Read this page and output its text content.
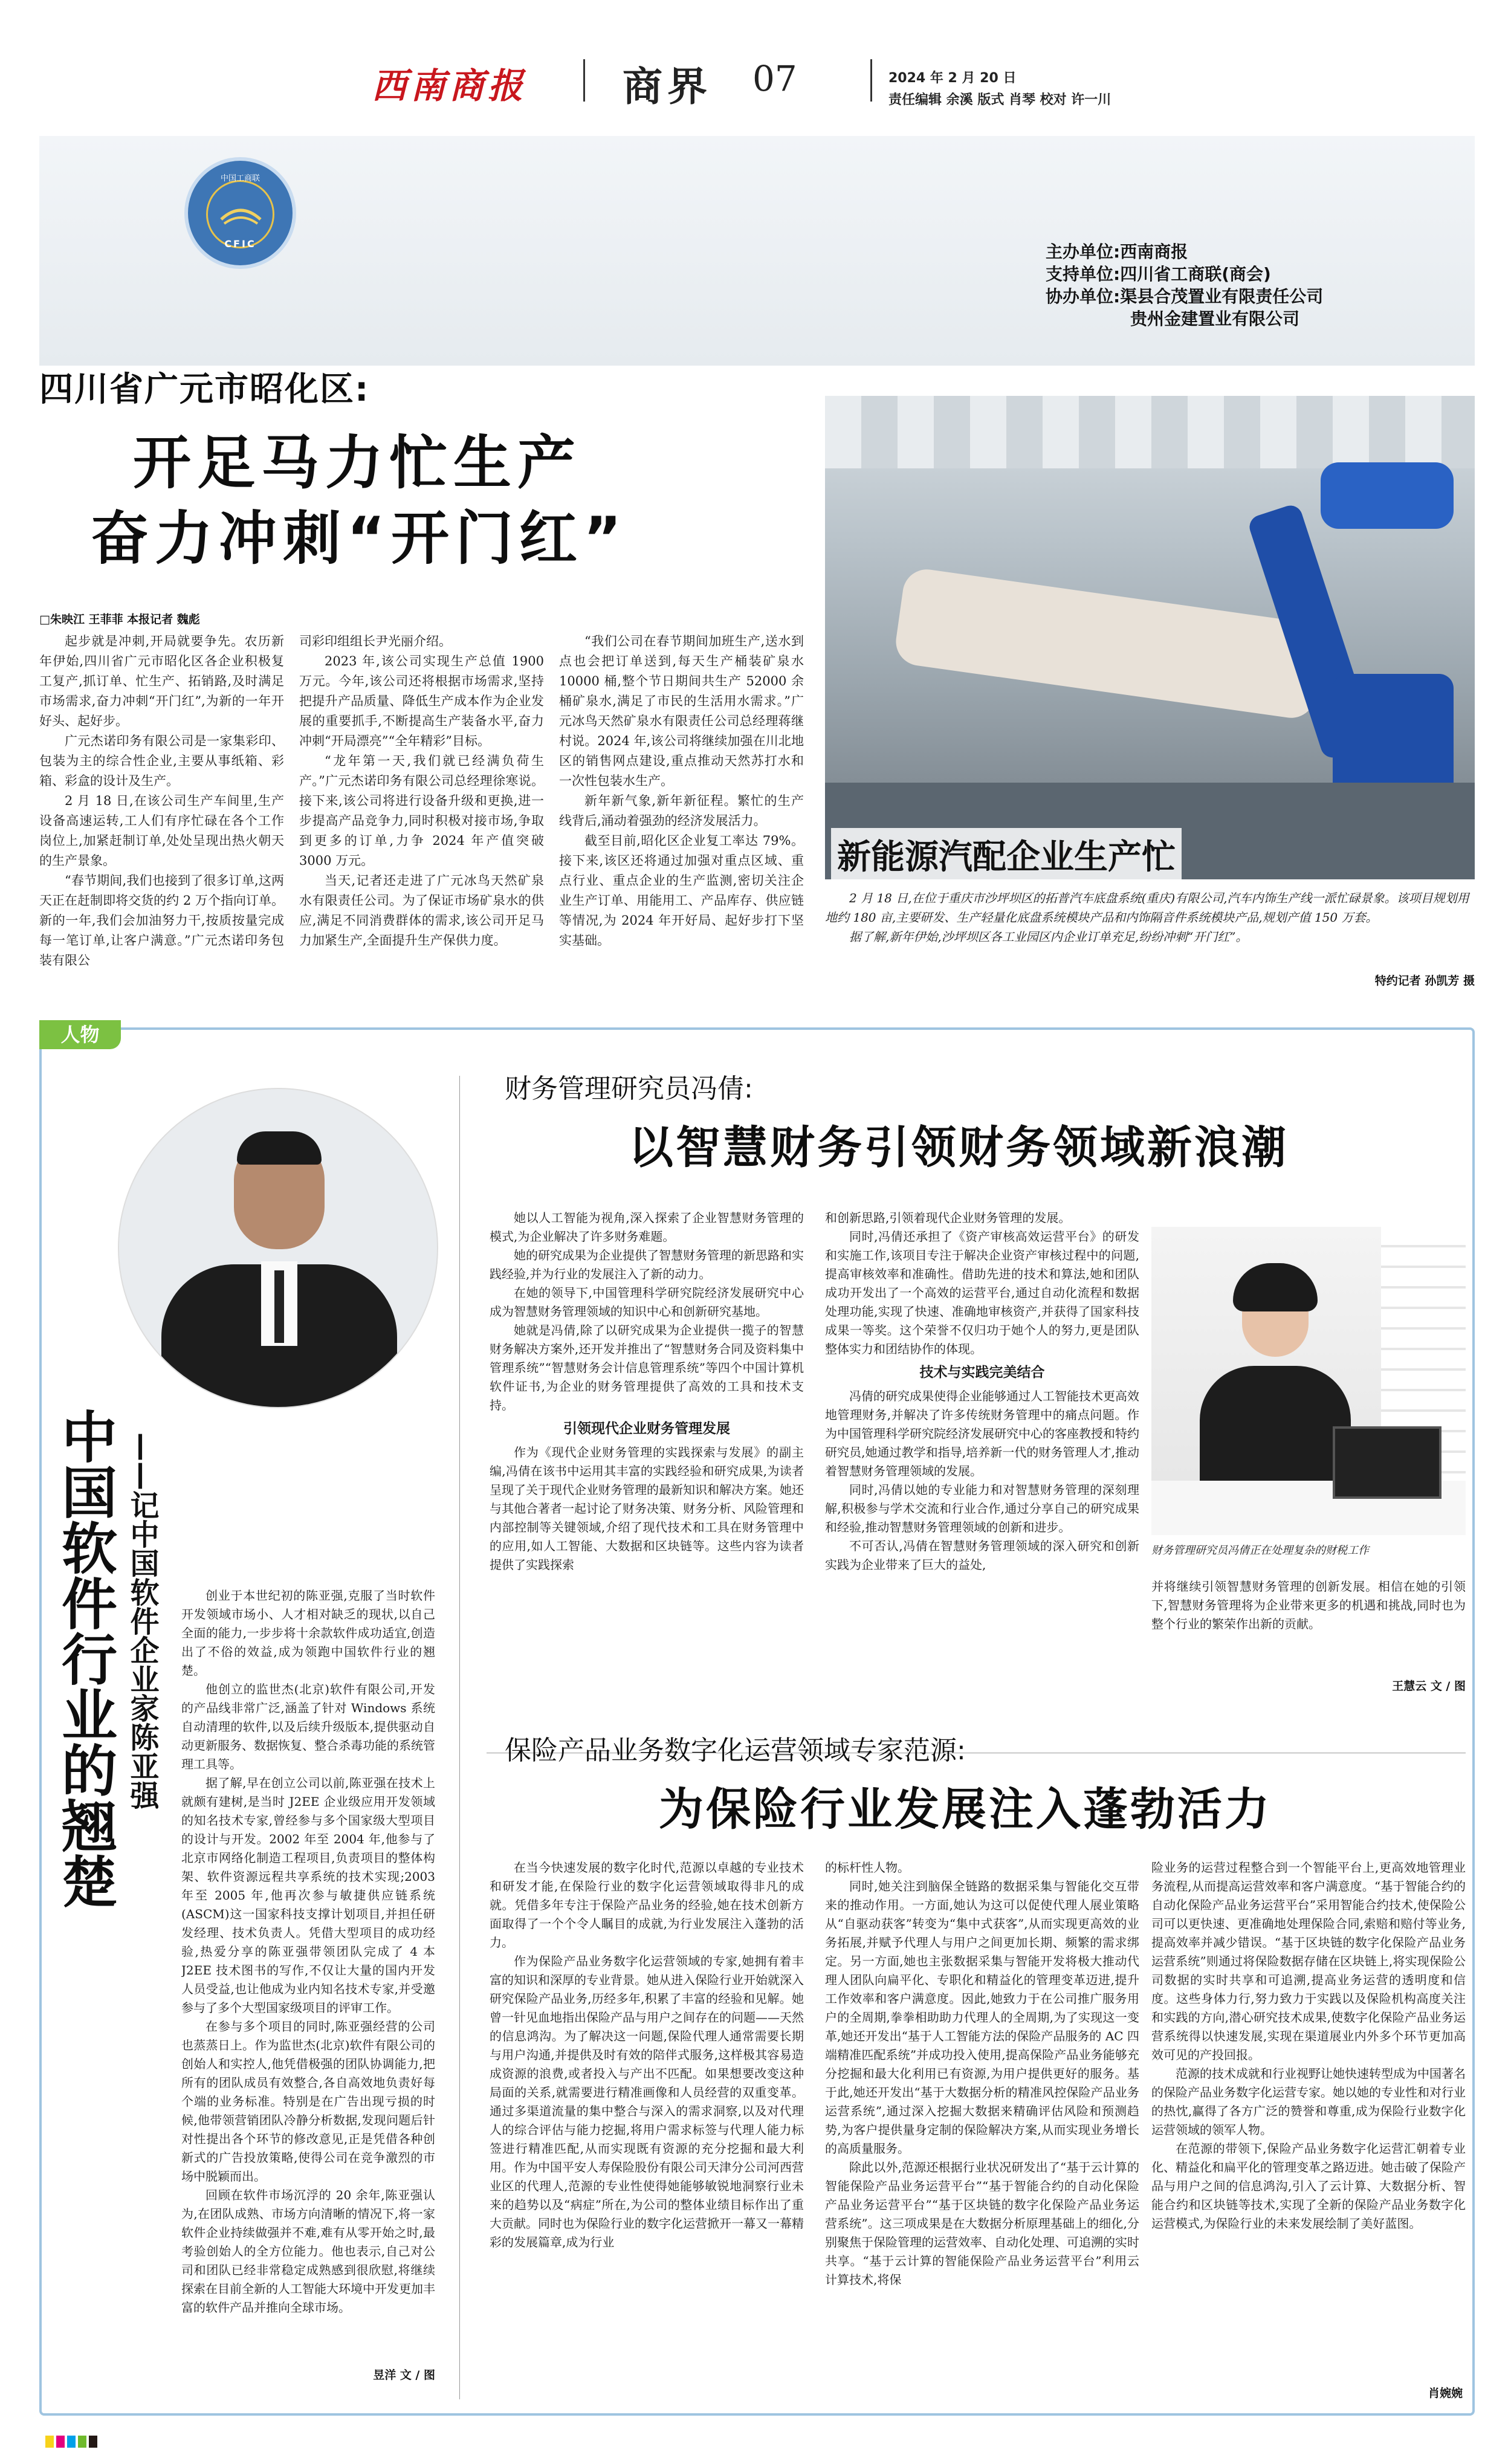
西南商报 商界 07	2024 年 2 月 20 日
责任编辑 余溪 版式 肖琴 校对 许一川
中国工商联
CFIC	主办单位:西南商报
支持单位:四川省工商联(商会)
协办单位:渠县合茂置业有限责任公司
贵州金建置业有限公司
四川省广元市昭化区:
开足马力忙生产
奋力冲刺“开门红”
□朱映江 王菲菲 本报记者 魏彪

起步就是冲刺,开局就要争先。农历新年伊始,四川省广元市昭化区各企业积极复工复产,抓订单、忙生产、拓销路,及时满足市场需求,奋力冲刺“开门红”,为新的一年开好头、起好步。

广元杰诺印务有限公司是一家集彩印、包装为主的综合性企业,主要从事纸箱、彩箱、彩盒的设计及生产。

2 月 18 日,在该公司生产车间里,生产设备高速运转,工人们有序忙碌在各个工作岗位上,加紧赶制订单,处处呈现出热火朝天的生产景象。

“春节期间,我们也接到了很多订单,这两天正在赶制即将交货的约 2 万个指向订单。新的一年,我们会加油努力干,按质按量完成每一笔订单,让客户满意。”广元杰诺印务包装有限公

司彩印组组长尹光丽介绍。

2023 年,该公司实现生产总值 1900 万元。今年,该公司还将根据市场需求,坚持把提升产品质量、降低生产成本作为企业发展的重要抓手,不断提高生产装备水平,奋力冲刺“开局漂亮”“全年精彩”目标。

“龙年第一天,我们就已经满负荷生产。”广元杰诺印务有限公司总经理徐寒说。接下来,该公司将进行设备升级和更换,进一步提高产品竞争力,同时积极对接市场,争取到更多的订单,力争 2024 年产值突破 3000 万元。

当天,记者还走进了广元冰鸟天然矿泉水有限责任公司。为了保证市场矿泉水的供应,满足不同消费群体的需求,该公司开足马力加紧生产,全面提升生产保供力度。

“我们公司在春节期间加班生产,送水到点也会把订单送到,每天生产桶装矿泉水 10000 桶,整个节日期间共生产 52000 余桶矿泉水,满足了市民的生活用水需求。”广元冰鸟天然矿泉水有限责任公司总经理蒋继村说。2024 年,该公司将继续加强在川北地区的销售网点建设,重点推动天然苏打水和一次性包装水生产。

新年新气象,新年新征程。繁忙的生产线背后,涌动着强劲的经济发展活力。

截至目前,昭化区企业复工率达 79%。接下来,该区还将通过加强对重点区域、重点行业、重点企业的生产监测,密切关注企业生产订单、用能用工、产品库存、供应链等情况,为 2024 年开好局、起好步打下坚实基础。

新能源汽配企业生产忙
2 月 18 日,在位于重庆市沙坪坝区的拓普汽车底盘系统(重庆)有限公司,汽车内饰生产线一派忙碌景象。该项目规划用地约 180 亩,主要研发、生产轻量化底盘系统模块产品和内饰隔音件系统模块产品,规划产值 150 万套。
据了解,新年伊始,沙坪坝区各工业园区内企业订单充足,纷纷冲刺“开门红”。
特约记者 孙凯芳 摄
人物
中国软件行业的翘楚 ——记中国软件企业家陈亚强	创业于本世纪初的陈亚强,克服了当时软件开发领域市场小、人才相对缺乏的现状,以自己全面的能力,一步步将十余款软件成功适宜,创造出了不俗的效益,成为领跑中国软件行业的翘楚。

他创立的监世杰(北京)软件有限公司,开发的产品线非常广泛,涵盖了针对 Windows 系统自动清理的软件,以及后续升级版本,提供驱动自动更新服务、数据恢复、整合杀毒功能的系统管理工具等。

据了解,早在创立公司以前,陈亚强在技术上就颇有建树,是当时 J2EE 企业级应用开发领域的知名技术专家,曾经参与多个国家级大型项目的设计与开发。2002 年至 2004 年,他参与了北京市网络化制造工程项目,负责项目的整体构架、软件资源远程共享系统的技术实现;2003 年至 2005 年,他再次参与敏捷供应链系统(ASCM)这一国家科技支撑计划项目,并担任研发经理、技术负责人。凭借大型项目的成功经验,热爱分享的陈亚强带领团队完成了 4 本 J2EE 技术图书的写作,不仅让大量的国内开发人员受益,也让他成为业内知名技术专家,并受邀参与了多个大型国家级项目的评审工作。

在参与多个项目的同时,陈亚强经营的公司也蒸蒸日上。作为监世杰(北京)软件有限公司的创始人和实控人,他凭借极强的团队协调能力,把所有的团队成员有效整合,各自高效地负责好每个端的业务标准。特别是在广告出现亏损的时候,他带领营销团队冷静分析数据,发现问题后针对性提出各个环节的修改意见,正是凭借各种创新式的广告投放策略,使得公司在竞争激烈的市场中脱颖而出。

回顾在软件市场沉浮的 20 余年,陈亚强认为,在团队成熟、市场方向清晰的情况下,将一家软件企业持续做强并不难,难有从零开始之时,最考验创始人的全方位能力。他也表示,自己对公司和团队已经非常稳定成熟感到很欣慰,将继续探索在目前全新的人工智能大环境中开发更加丰富的软件产品并推向全球市场。

昱洋 文 / 图
财务管理研究员冯倩:
以智慧财务引领财务领域新浪潮

她以人工智能为视角,深入探索了企业智慧财务管理的模式,为企业解决了许多财务难题。

她的研究成果为企业提供了智慧财务管理的新思路和实践经验,并为行业的发展注入了新的动力。

在她的领导下,中国管理科学研究院经济发展研究中心成为智慧财务管理领域的知识中心和创新研究基地。

她就是冯倩,除了以研究成果为企业提供一揽子的智慧财务解决方案外,还开发并推出了“智慧财务合同及资料集中管理系统”“智慧财务会计信息管理系统”等四个中国计算机软件证书,为企业的财务管理提供了高效的工具和技术支持。

引领现代企业财务管理发展

作为《现代企业财务管理的实践探索与发展》的副主编,冯倩在该书中运用其丰富的实践经验和研究成果,为读者呈现了关于现代企业财务管理的最新知识和解决方案。她还与其他合著者一起讨论了财务决策、财务分析、风险管理和内部控制等关键领域,介绍了现代技术和工具在财务管理中的应用,如人工智能、大数据和区块链等。这些内容为读者提供了实践探索

和创新思路,引领着现代企业财务管理的发展。

同时,冯倩还承担了《资产审核高效运营平台》的研发和实施工作,该项目专注于解决企业资产审核过程中的问题,提高审核效率和准确性。借助先进的技术和算法,她和团队成功开发出了一个高效的运营平台,通过自动化流程和数据处理功能,实现了快速、准确地审核资产,并获得了国家科技成果一等奖。这个荣誉不仅归功于她个人的努力,更是团队整体实力和团结协作的体现。

技术与实践完美结合

冯倩的研究成果使得企业能够通过人工智能技术更高效地管理财务,并解决了许多传统财务管理中的痛点问题。作为中国管理科学研究院经济发展研究中心的客座教授和特约研究员,她通过教学和指导,培养新一代的财务管理人才,推动着智慧财务管理领域的发展。

同时,冯倩以她的专业能力和对智慧财务管理的深刻理解,积极参与学术交流和行业合作,通过分享自己的研究成果和经验,推动智慧财务管理领域的创新和进步。

不可否认,冯倩在智慧财务管理领域的深入研究和创新实践为企业带来了巨大的益处,

财务管理研究员冯倩正在处理复杂的财税工作

并将继续引领智慧财务管理的创新发展。相信在她的引领下,智慧财务管理将为企业带来更多的机遇和挑战,同时也为整个行业的繁荣作出新的贡献。

王慧云 文 / 图
保险产品业务数字化运营领域专家范源:
为保险行业发展注入蓬勃活力

在当今快速发展的数字化时代,范源以卓越的专业技术和研发才能,在保险行业的数字化运营领域取得非凡的成就。凭借多年专注于保险产品业务的经验,她在技术创新方面取得了一个个令人瞩目的成就,为行业发展注入蓬勃的活力。

作为保险产品业务数字化运营领域的专家,她拥有着丰富的知识和深厚的专业背景。她从进入保险行业开始就深入研究保险产品业务,历经多年,积累了丰富的经验和见解。她曾一针见血地指出保险产品与用户之间存在的问题——天然的信息鸿沟。为了解决这一问题,保险代理人通常需要长期与用户沟通,并提供及时有效的陪伴式服务,这样极其容易造成资源的浪费,或者投入与产出不匹配。如果想要改变这种局面的关系,就需要进行精准画像和人员经营的双重变革。通过多渠道流量的集中整合与深入的需求洞察,以及对代理人的综合评估与能力挖掘,将用户需求标签与代理人能力标签进行精准匹配,从而实现既有资源的充分挖掘和最大利用。作为中国平安人寿保险股份有限公司天津分公司河西营业区的代理人,范源的专业性使得她能够敏锐地洞察行业未来的趋势以及“病症”所在,为公司的整体业绩目标作出了重大贡献。同时也为保险行业的数字化运营掀开一幕又一幕精彩的发展篇章,成为行业

的标杆性人物。

同时,她关注到脑保全链路的数据采集与智能化交互带来的推动作用。一方面,她认为这可以促使代理人展业策略从“自驱动获客”转变为“集中式获客”,从而实现更高效的业务拓展,并赋予代理人与用户之间更加长期、频繁的需求绑定。另一方面,她也主张数据采集与智能开发将极大推动代理人团队向扁平化、专职化和精益化的管理变革迈进,提升工作效率和客户满意度。因此,她致力于在公司推广服务用户的全周期,拳拳相助助力代理人的全周期,为了实现这一变革,她还开发出“基于人工智能方法的保险产品服务的 AC 四端精准匹配系统”并成功投入使用,提高保险产品业务能够充分挖掘和最大化利用已有资源,为用户提供更好的服务。基于此,她还开发出“基于大数据分析的精准风控保险产品业务运营系统”,通过深入挖掘大数据来精确评估风险和预测趋势,为客户提供量身定制的保险解决方案,从而实现业务增长的高质量服务。

除此以外,范源还根据行业状况研发出了“基于云计算的智能保险产品业务运营平台”“基于智能合约的自动化保险产品业务运营平台”“基于区块链的数字化保险产品业务运营系统”。这三项成果是在大数据分析原理基础上的细化,分别聚焦于保险管理的运营效率、自动化处理、可追溯的实时共享。“基于云计算的智能保险产品业务运营平台”利用云计算技术,将保

险业务的运营过程整合到一个智能平台上,更高效地管理业务流程,从而提高运营效率和客户满意度。“基于智能合约的自动化保险产品业务运营平台”采用智能合约技术,使保险公司可以更快速、更准确地处理保险合同,索赔和赔付等业务,提高效率并减少错误。“基于区块链的数字化保险产品业务运营系统”则通过将保险数据存储在区块链上,将实现保险公司数据的实时共享和可追溯,提高业务运营的透明度和信度。这些身体力行,努力致力于实践以及保险机构高度关注和实践的方向,潜心研究技术成果,使数字化保险产品业务运营系统得以快速发展,实现在渠道展业内外多个环节更加高效可见的产投回报。

范源的技术成就和行业视野让她快速转型成为中国著名的保险产品业务数字化运营专家。她以她的专业性和对行业的热忱,赢得了各方广泛的赞誉和尊重,成为保险行业数字化运营领域的领军人物。

在范源的带领下,保险产品业务数字化运营汇朝着专业化、精益化和扁平化的管理变革之路迈进。她击破了保险产品与用户之间的信息鸿沟,引入了云计算、大数据分析、智能合约和区块链等技术,实现了全新的保险产品业务数字化运营模式,为保险行业的未来发展绘制了美好蓝图。

肖婉婉
